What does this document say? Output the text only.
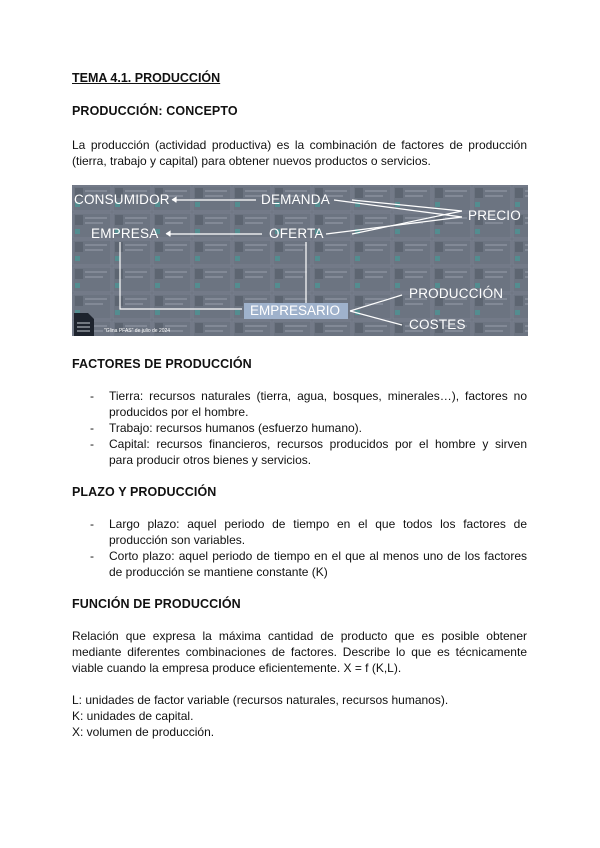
TEMA 4.1. PRODUCCIÓN
PRODUCCIÓN: CONCEPTO
La producción (actividad productiva) es la combinación de factores de producción
(tierra, trabajo y capital) para obtener nuevos productos o servicios.
CONSUMIDOR	DEMANDA
PRECIO
EMPRESA	OFERTA
EMPRESARIO
PRODUCCIÓN
COSTES
"Glina PFAS" de julio de 2024
FACTORES DE PRODUCCIÓN
- Tierra: recursos naturales (tierra, agua, bosques, minerales…), factores no
producidos por el hombre.
- Trabajo: recursos humanos (esfuerzo humano).
- Capital: recursos financieros, recursos producidos por el hombre y sirven
para producir otros bienes y servicios.
PLAZO Y PRODUCCIÓN
- Largo plazo: aquel periodo de tiempo en el que todos los factores de
producción son variables.
- Corto plazo: aquel periodo de tiempo en el que al menos uno de los factores
de producción se mantiene constante (K)
FUNCIÓN DE PRODUCCIÓN
Relación que expresa la máxima cantidad de producto que es posible obtener
mediante diferentes combinaciones de factores. Describe lo que es técnicamente
viable cuando la empresa produce eficientemente. X = f (K,L).
L: unidades de factor variable (recursos naturales, recursos humanos).
K: unidades de capital.
X: volumen de producción.
